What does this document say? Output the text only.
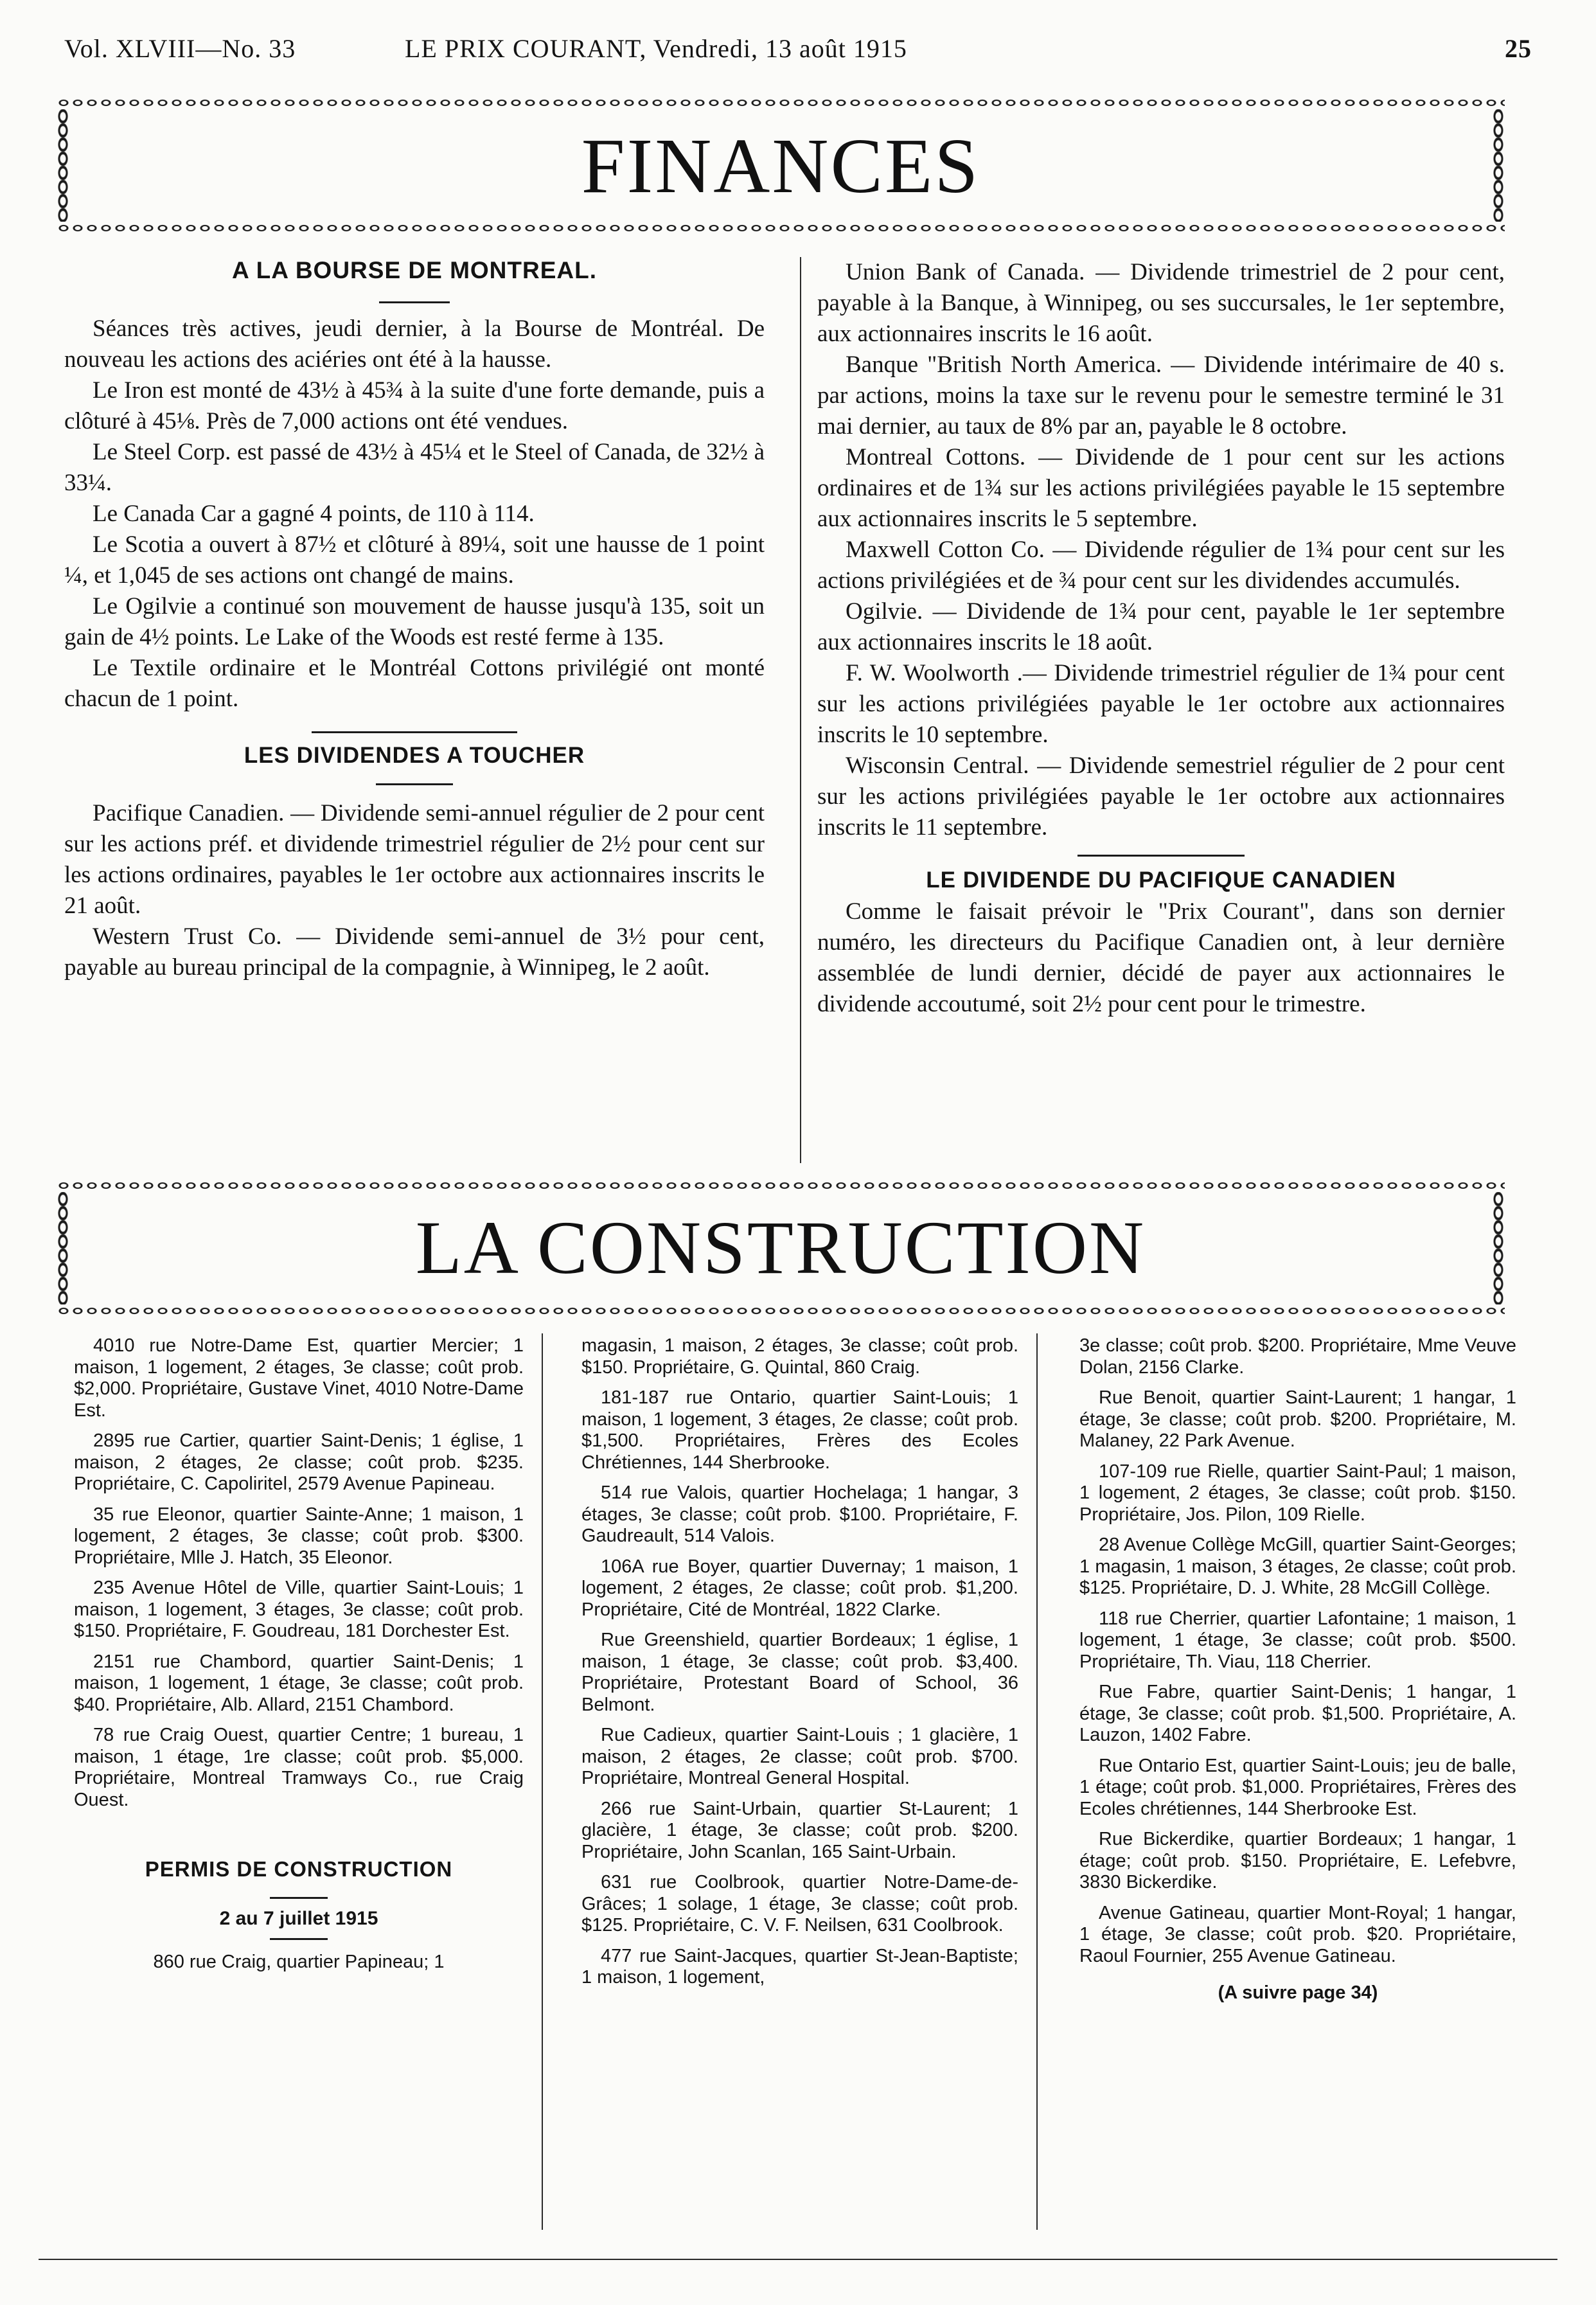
Vol. XLVIII—No. 33	LE PRIX COURANT, Vendredi, 13 août 1915	25
FINANCES
A LA BOURSE DE MONTREAL.

Séances très actives, jeudi dernier, à la Bourse de Montréal. De nouveau les actions des aciéries ont été à la hausse.

Le Iron est monté de 43½ à 45¾ à la suite d'une forte demande, puis a clôturé à 45⅛. Près de 7,000 actions ont été vendues.

Le Steel Corp. est passé de 43½ à 45¼ et le Steel of Canada, de 32½ à 33¼.

Le Canada Car a gagné 4 points, de 110 à 114.

Le Scotia a ouvert à 87½ et clôturé à 89¼, soit une hausse de 1 point ¼, et 1,045 de ses actions ont changé de mains.

Le Ogilvie a continué son mouvement de hausse jusqu'à 135, soit un gain de 4½ points. Le Lake of the Woods est resté ferme à 135.

Le Textile ordinaire et le Montréal Cottons privilégié ont monté chacun de 1 point.

LES DIVIDENDES A TOUCHER

Pacifique Canadien. — Dividende semi-annuel régulier de 2 pour cent sur les actions préf. et dividende trimestriel régulier de 2½ pour cent sur les actions ordinaires, payables le 1er octobre aux actionnaires inscrits le 21 août.

Western Trust Co. — Dividende semi-annuel de 3½ pour cent, payable au bureau principal de la compagnie, à Winnipeg, le 2 août.

Union Bank of Canada. — Dividende trimestriel de 2 pour cent, payable à la Banque, à Winnipeg, ou ses succursales, le 1er septembre, aux actionnaires inscrits le 16 août.

Banque "British North America. — Dividende intérimaire de 40 s. par actions, moins la taxe sur le revenu pour le semestre terminé le 31 mai dernier, au taux de 8% par an, payable le 8 octobre.

Montreal Cottons. — Dividende de 1 pour cent sur les actions ordinaires et de 1¾ sur les actions privilégiées payable le 15 septembre aux actionnaires inscrits le 5 septembre.

Maxwell Cotton Co. — Dividende régulier de 1¾ pour cent sur les actions privilégiées et de ¾ pour cent sur les dividendes accumulés.

Ogilvie. — Dividende de 1¾ pour cent, payable le 1er septembre aux actionnaires inscrits le 18 août.

F. W. Woolworth .— Dividende trimestriel régulier de 1¾ pour cent sur les actions privilégiées payable le 1er octobre aux actionnaires inscrits le 10 septembre.

Wisconsin Central. — Dividende semestriel régulier de 2 pour cent sur les actions privilégiées payable le 1er octobre aux actionnaires inscrits le 11 septembre.

LE DIVIDENDE DU PACIFIQUE CANADIEN

Comme le faisait prévoir le "Prix Courant", dans son dernier numéro, les directeurs du Pacifique Canadien ont, à leur dernière assemblée de lundi dernier, décidé de payer aux actionnaires le dividende accoutumé, soit 2½ pour cent pour le trimestre.

LA CONSTRUCTION

4010 rue Notre-Dame Est, quartier Mercier; 1 maison, 1 logement, 2 étages, 3e classe; coût prob. $2,000. Propriétaire, Gustave Vinet, 4010 Notre-Dame Est.

2895 rue Cartier, quartier Saint-Denis; 1 église, 1 maison, 2 étages, 2e classe; coût prob. $235. Propriétaire, C. Capoliritel, 2579 Avenue Papineau.

35 rue Eleonor, quartier Sainte-Anne; 1 maison, 1 logement, 2 étages, 3e classe; coût prob. $300. Propriétaire, Mlle J. Hatch, 35 Eleonor.

235 Avenue Hôtel de Ville, quartier Saint-Louis; 1 maison, 1 logement, 3 étages, 3e classe; coût prob. $150. Propriétaire, F. Goudreau, 181 Dorchester Est.

2151 rue Chambord, quartier Saint-Denis; 1 maison, 1 logement, 1 étage, 3e classe; coût prob. $40. Propriétaire, Alb. Allard, 2151 Chambord.

78 rue Craig Ouest, quartier Centre; 1 bureau, 1 maison, 1 étage, 1re classe; coût prob. $5,000. Propriétaire, Montreal Tramways Co., rue Craig Ouest.

PERMIS DE CONSTRUCTION
2 au 7 juillet 1915

860 rue Craig, quartier Papineau; 1

magasin, 1 maison, 2 étages, 3e classe; coût prob. $150. Propriétaire, G. Quintal, 860 Craig.

181-187 rue Ontario, quartier Saint-Louis; 1 maison, 1 logement, 3 étages, 2e classe; coût prob. $1,500. Propriétaires, Frères des Ecoles Chrétiennes, 144 Sherbrooke.

514 rue Valois, quartier Hochelaga; 1 hangar, 3 étages, 3e classe; coût prob. $100. Propriétaire, F. Gaudreault, 514 Valois.

106A rue Boyer, quartier Duvernay; 1 maison, 1 logement, 2 étages, 2e classe; coût prob. $1,200. Propriétaire, Cité de Montréal, 1822 Clarke.

Rue Greenshield, quartier Bordeaux; 1 église, 1 maison, 1 étage, 3e classe; coût prob. $3,400. Propriétaire, Protestant Board of School, 36 Belmont.

Rue Cadieux, quartier Saint-Louis ; 1 glacière, 1 maison, 2 étages, 2e classe; coût prob. $700. Propriétaire, Montreal General Hospital.

266 rue Saint-Urbain, quartier St-Laurent; 1 glacière, 1 étage, 3e classe; coût prob. $200. Propriétaire, John Scanlan, 165 Saint-Urbain.

631 rue Coolbrook, quartier Notre-Dame-de-Grâces; 1 solage, 1 étage, 3e classe; coût prob. $125. Propriétaire, C. V. F. Neilsen, 631 Coolbrook.

477 rue Saint-Jacques, quartier St-Jean-Baptiste; 1 maison, 1 logement,

3e classe; coût prob. $200. Propriétaire, Mme Veuve Dolan, 2156 Clarke.

Rue Benoit, quartier Saint-Laurent; 1 hangar, 1 étage, 3e classe; coût prob. $200. Propriétaire, M. Malaney, 22 Park Avenue.

107-109 rue Rielle, quartier Saint-Paul; 1 maison, 1 logement, 2 étages, 3e classe; coût prob. $150. Propriétaire, Jos. Pilon, 109 Rielle.

28 Avenue Collège McGill, quartier Saint-Georges; 1 magasin, 1 maison, 3 étages, 2e classe; coût prob. $125. Propriétaire, D. J. White, 28 McGill Collège.

118 rue Cherrier, quartier Lafontaine; 1 maison, 1 logement, 1 étage, 3e classe; coût prob. $500. Propriétaire, Th. Viau, 118 Cherrier.

Rue Fabre, quartier Saint-Denis; 1 hangar, 1 étage, 3e classe; coût prob. $1,500. Propriétaire, A. Lauzon, 1402 Fabre.

Rue Ontario Est, quartier Saint-Louis; jeu de balle, 1 étage; coût prob. $1,000. Propriétaires, Frères des Ecoles chrétiennes, 144 Sherbrooke Est.

Rue Bickerdike, quartier Bordeaux; 1 hangar, 1 étage; coût prob. $150. Propriétaire, E. Lefebvre, 3830 Bickerdike.

Avenue Gatineau, quartier Mont-Royal; 1 hangar, 1 étage, 3e classe; coût prob. $20. Propriétaire, Raoul Fournier, 255 Avenue Gatineau.

(A suivre page 34)
